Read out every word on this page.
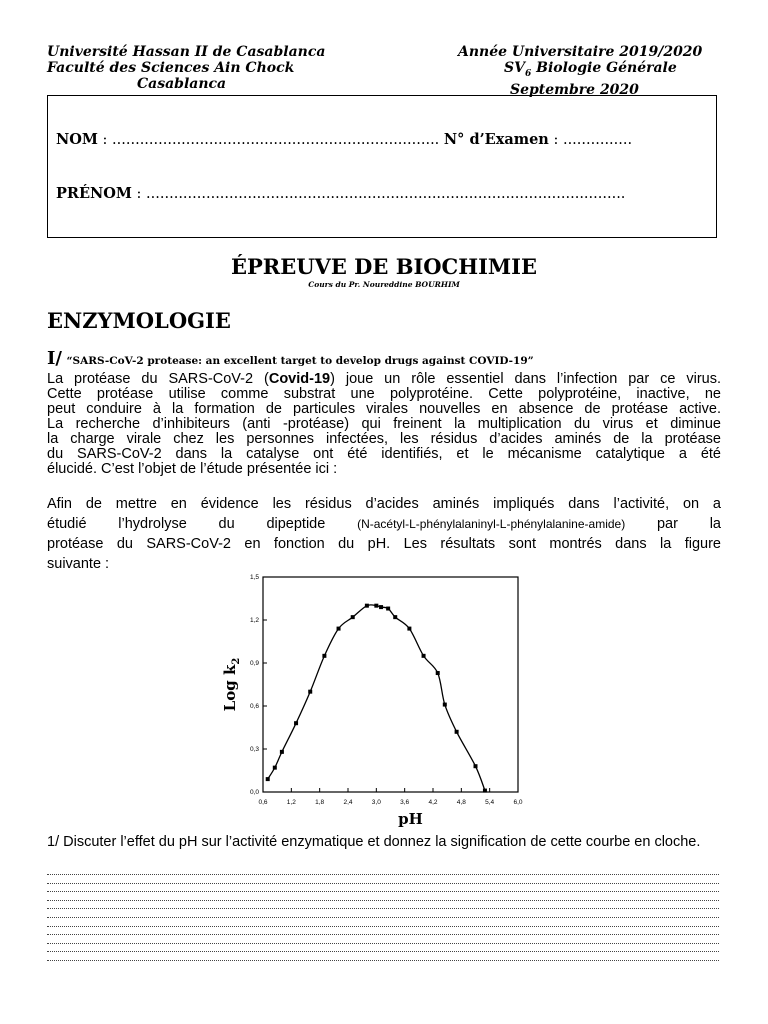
Université Hassan II de Casablanca
Faculté des Sciences Ain Chock
Casablanca
Année Universitaire 2019/2020
$SV_6$ Biologie Générale
Septembre 2020
NOM : ....................................................................... N° d’Examen : ...............
PRÉNOM : ........................................................................................................
ÉPREUVE DE BIOCHIMIE
Cours du Pr. Noureddine BOURHIM
ENZYMOLOGIE
I/ “SARS-CoV-2 protease: an excellent target to develop drugs against COVID-19”
La protéase du SARS-CoV-2 (Covid-19) joue un rôle essentiel dans l’infection par ce virus.
Cette protéase utilise comme substrat une polyprotéine. Cette polyprotéine, inactive, ne
peut conduire à la formation de particules virales nouvelles en absence de protéase active.
La recherche d’inhibiteurs (anti -protéase) qui freinent la multiplication du virus et diminue
la charge virale chez les personnes infectées, les résidus d’acides aminés de la protéase
du SARS-CoV-2 dans la catalyse ont été identifiés, et le mécanisme catalytique a été
élucidé. C’est l’objet de l’étude présentée ici :
Afin de mettre en évidence les résidus d’acides aminés impliqués dans l’activité, on a
étudié l’hydrolyse du dipeptide (N-acétyl-L-phénylalaninyl-L-phénylalanine-amide) par la
protéase du SARS-CoV-2 en fonction du pH. Les résultats sont montrés dans la figure
suivante :
0,6	1,2	1,8	2,4	3,0	3,6	4,2	4,8	5,4	6,0
0,0
0,3
0,6
0,9
1,2
1,5
pH
Log $k_2$
1/ Discuter l’effet du pH sur l’activité enzymatique et donnez la signification de cette courbe en cloche.
